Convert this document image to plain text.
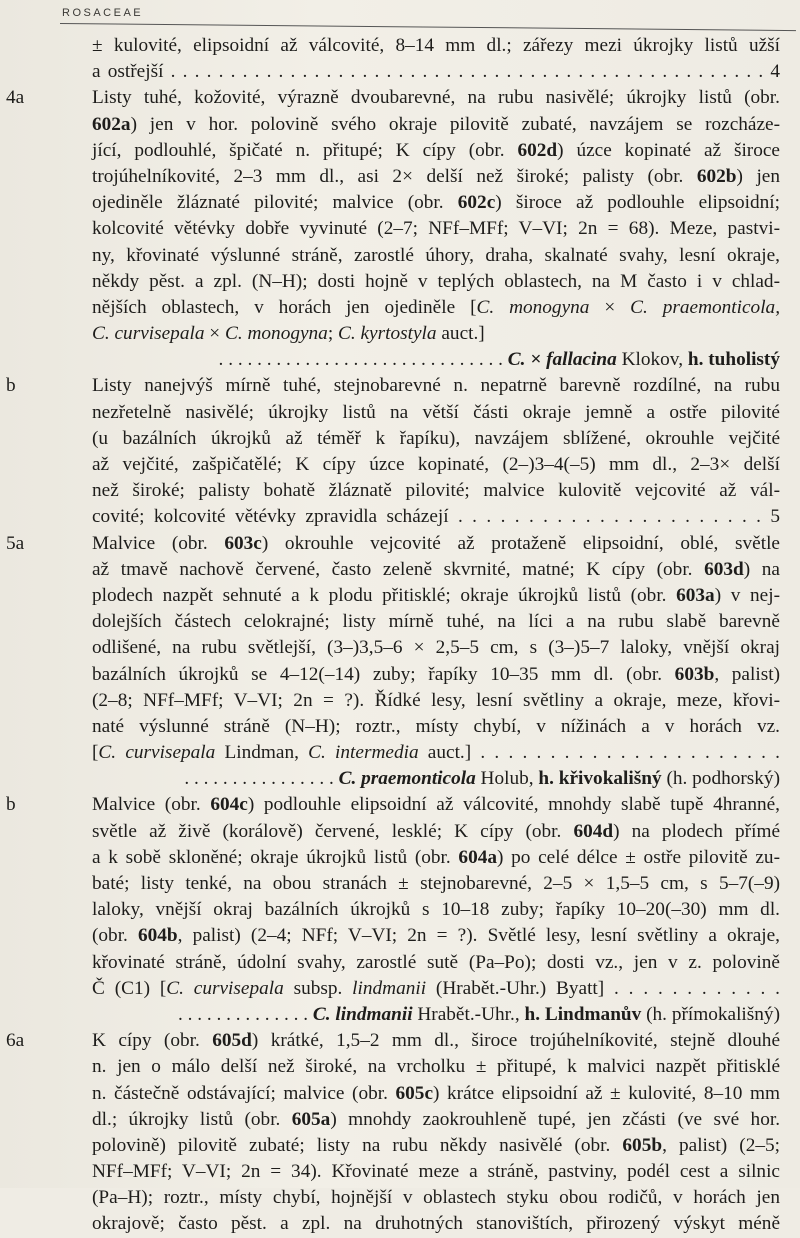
ROSACEAE
± kulovité, elipsoidní až válcovité, 8–14 mm dl.; zářezy mezi úkrojky listů užší
a ostřejší . . . . . . . . . . . . . . . . . . . . . . . . . . . . . . . . . . . . . . . . . . . . . . . . . . 4
4a	Listy tuhé, kožovité, výrazně dvoubarevné, na rubu nasivělé; úkrojky listů (obr.
602a) jen v hor. polovině svého okraje pilovitě zubaté, navzájem se rozcháze-
jící, podlouhlé, špičaté n. přitupé; K cípy (obr. 602d) úzce kopinaté až široce
trojúhelníkovité, 2–3 mm dl., asi 2× delší než široké; palisty (obr. 602b) jen
ojediněle žláznaté pilovité; malvice (obr. 602c) široce až podlouhle elipsoidní;
kolcovité větévky dobře vyvinuté (2–7; NFf–MFf; V–VI; 2n = 68). Meze, pastvi-
ny, křovinaté výslunné stráně, zarostlé úhory, draha, skalnaté svahy, lesní okraje,
někdy pěst. a zpl. (N–H); dosti hojně v teplých oblastech, na M často i v chlad-
nějších oblastech, v horách jen ojediněle [C. monogyna × C. praemonticola,
C. curvisepala × C. monogyna; C. kyrtostyla auct.]
. . . . . . . . . . . . . . . . . . . . . . . . . . . . . . C. × fallacina Klokov, h. tuholistý
b	Listy nanejvýš mírně tuhé, stejnobarevné n. nepatrně barevně rozdílné, na rubu
nezřetelně nasivělé; úkrojky listů na větší části okraje jemně a ostře pilovité
(u bazálních úkrojků až téměř k řapíku), navzájem sblížené, okrouhle vejčité
až vejčité, zašpičatělé; K cípy úzce kopinaté, (2–)3–4(–5) mm dl., 2–3× delší
než široké; palisty bohatě žláznatě pilovité; malvice kulovitě vejcovité až vál-
covité; kolcovité větévky zpravidla scházejí . . . . . . . . . . . . . . . . . . . . . . 5
5a	Malvice (obr. 603c) okrouhle vejcovité až protaženě elipsoidní, oblé, světle
až tmavě nachově červené, často zeleně skvrnité, matné; K cípy (obr. 603d) na
plodech nazpět sehnuté a k plodu přitisklé; okraje úkrojků listů (obr. 603a) v nej-
dolejších částech celokrajné; listy mírně tuhé, na líci a na rubu slabě barevně
odlišené, na rubu světlejší, (3–)3,5–6 × 2,5–5 cm, s (3–)5–7 laloky, vnější okraj
bazálních úkrojků se 4–12(–14) zuby; řapíky 10–35 mm dl. (obr. 603b, palist)
(2–8; NFf–MFf; V–VI; 2n = ?). Řídké lesy, lesní světliny a okraje, meze, křovi-
naté výslunné stráně (N–H); roztr., místy chybí, v nížinách a v horách vz.
[C. curvisepala Lindman, C. intermedia auct.] . . . . . . . . . . . . . . . . . . . . . .
. . . . . . . . . . . . . . . . C. praemonticola Holub, h. křivokališný (h. podhorský)
b	Malvice (obr. 604c) podlouhle elipsoidní až válcovité, mnohdy slabě tupě 4hranné,
světle až živě (korálově) červené, lesklé; K cípy (obr. 604d) na plodech přímé
a k sobě skloněné; okraje úkrojků listů (obr. 604a) po celé délce ± ostře pilovitě zu-
baté; listy tenké, na obou stranách ± stejnobarevné, 2–5 × 1,5–5 cm, s 5–7(–9)
laloky, vnější okraj bazálních úkrojků s 10–18 zuby; řapíky 10–20(–30) mm dl.
(obr. 604b, palist) (2–4; NFf; V–VI; 2n = ?). Světlé lesy, lesní světliny a okraje,
křovinaté stráně, údolní svahy, zarostlé sutě (Pa–Po); dosti vz., jen v z. polovině
Č (C1) [C. curvisepala subsp. lindmanii (Hrabět.-Uhr.) Byatt] . . . . . . . . . . . .
. . . . . . . . . . . . . . C. lindmanii Hrabět.-Uhr., h. Lindmanův (h. přímokališný)
6a	K cípy (obr. 605d) krátké, 1,5–2 mm dl., široce trojúhelníkovité, stejně dlouhé
n. jen o málo delší než široké, na vrcholku ± přitupé, k malvici nazpět přitisklé
n. částečně odstávající; malvice (obr. 605c) krátce elipsoidní až ± kulovité, 8–10 mm
dl.; úkrojky listů (obr. 605a) mnohdy zaokrouhleně tupé, jen zčásti (ve své hor.
polovině) pilovitě zubaté; listy na rubu někdy nasivělé (obr. 605b, palist) (2–5;
NFf–MFf; V–VI; 2n = 34). Křovinaté meze a stráně, pastviny, podél cest a silnic
(Pa–H); roztr., místy chybí, hojnější v oblastech styku obou rodičů, v horách jen
okrajově; často pěst. a zpl. na druhotných stanovištích, přirozený výskyt méně
